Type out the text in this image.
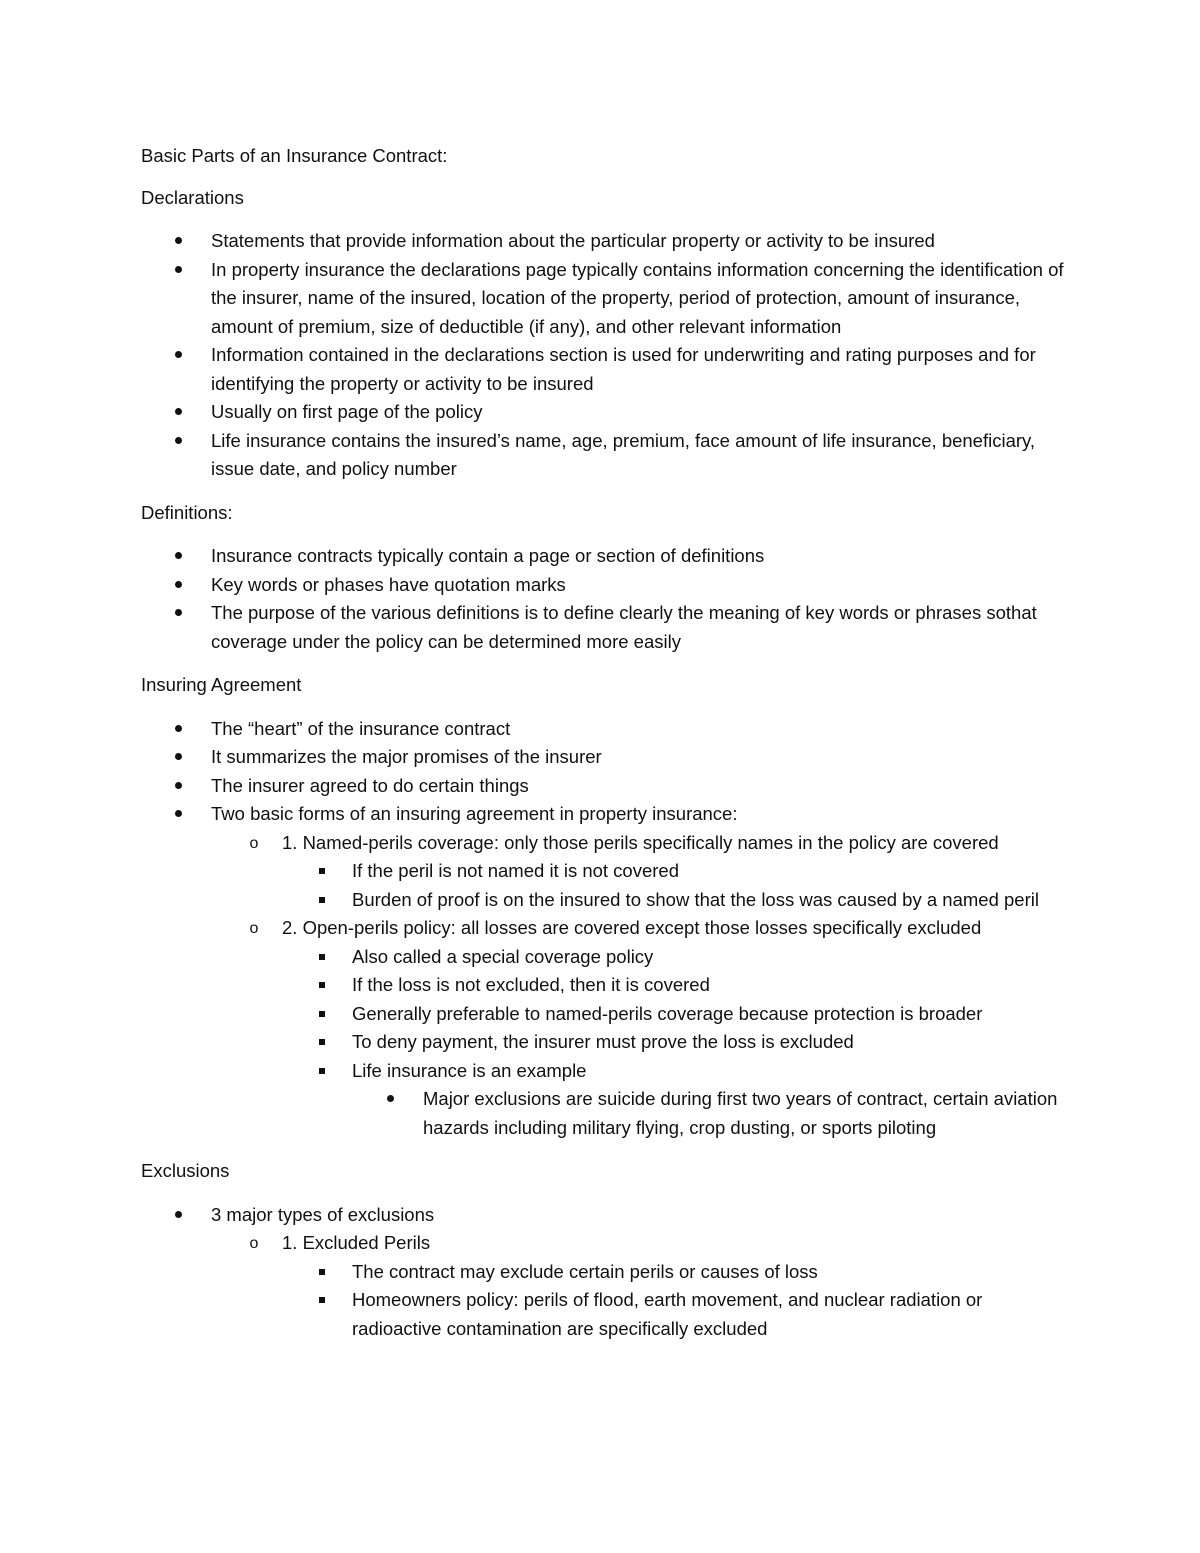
Basic Parts of an Insurance Contract:

Declarations

Statements that provide information about the particular property or activity to be insured
In property insurance the declarations page typically contains information concerning the identification of the insurer, name of the insured, location of the property, period of protection, amount of insurance, amount of premium, size of deductible (if any), and other relevant information
Information contained in the declarations section is used for underwriting and rating purposes and for identifying the property or activity to be insured
Usually on first page of the policy
Life insurance contains the insured’s name, age, premium, face amount of life insurance, beneficiary, issue date, and policy number

Definitions:

Insurance contracts typically contain a page or section of definitions
Key words or phases have quotation marks
The purpose of the various definitions is to define clearly the meaning of key words or phrases sothat coverage under the policy can be determined more easily

Insuring Agreement

The “heart” of the insurance contract
It summarizes the major promises of the insurer
The insurer agreed to do certain things
Two basic forms of an insuring agreement in property insurance:
o 1. Named-perils coverage: only those perils specifically names in the policy are covered
If the peril is not named it is not covered
Burden of proof is on the insured to show that the loss was caused by a named peril
o 2. Open-perils policy: all losses are covered except those losses specifically excluded
Also called a special coverage policy
If the loss is not excluded, then it is covered
Generally preferable to named-perils coverage because protection is broader
To deny payment, the insurer must prove the loss is excluded
Life insurance is an example
Major exclusions are suicide during first two years of contract, certain aviation hazards including military flying, crop dusting, or sports piloting

Exclusions

3 major types of exclusions
o 1. Excluded Perils
The contract may exclude certain perils or causes of loss
Homeowners policy: perils of flood, earth movement, and nuclear radiation or radioactive contamination are specifically excluded
